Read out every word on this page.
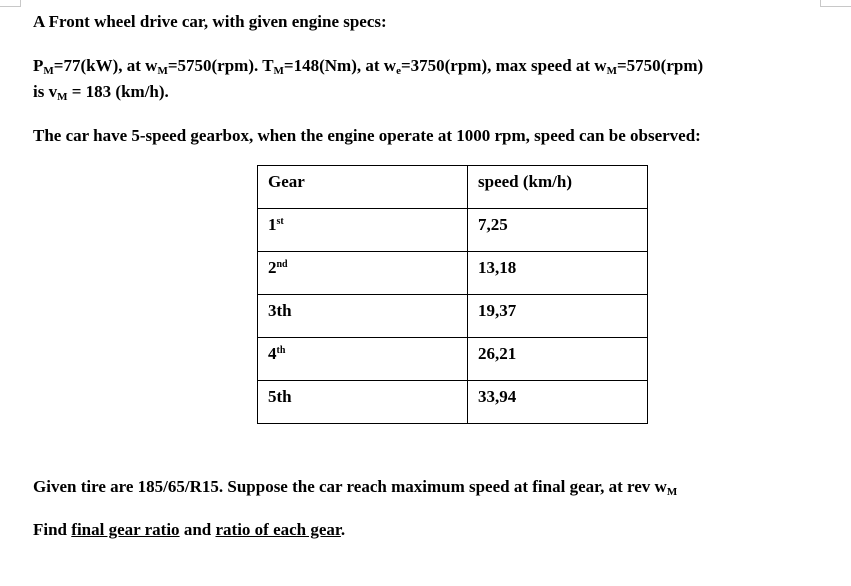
A Front wheel drive car, with given engine specs:
$P_M=77(kW)$, at $w_M=5750(rpm)$. $T_M=148(Nm)$, at $w_e=3750(rpm)$, max speed at $w_M=5750(rpm)$
is $v_M = 183$ (km/h).
The car have 5-speed gearbox, when the engine operate at 1000 rpm, speed can be observed:
Gear	speed (km/h)
1st	7,25
2nd	13,18
3th	19,37
4th	26,21
5th	33,94
Given tire are 185/65/R15. Suppose the car reach maximum speed at final gear, at rev $w_M$
Find final gear ratio and ratio of each gear.
